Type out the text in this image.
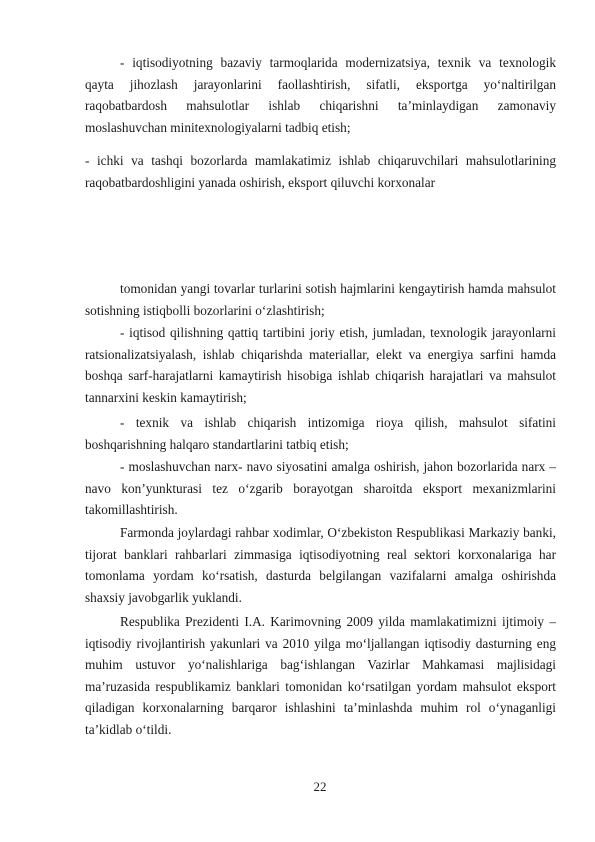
- iqtisodiyotning bazaviy tarmoqlarida modernizatsiya, texnik va texnologik qayta jihozlash jarayonlarini faollashtirish, sifatli, eksportga yo‘naltirilgan raqobatbardosh mahsulotlar ishlab chiqarishni ta’minlaydigan zamonaviy moslashuvchan minitexnologiyalarni tadbiq etish;

- ichki va tashqi bozorlarda mamlakatimiz ishlab chiqaruvchilari mahsulotlarining raqobatbardoshligini yanada oshirish, eksport qiluvchi korxonalar

tomonidan yangi tovarlar turlarini sotish hajmlarini kengaytirish hamda mahsulot sotishning istiqbolli bozorlarini o‘zlashtirish;

- iqtisod qilishning qattiq tartibini joriy etish, jumladan, texnologik jarayonlarni ratsionalizatsiyalash, ishlab chiqarishda materiallar, elekt va energiya sarfini hamda boshqa sarf-harajatlarni kamaytirish hisobiga ishlab chiqarish harajatlari va mahsulot tannarxini keskin kamaytirish;

- texnik va ishlab chiqarish intizomiga rioya qilish, mahsulot sifatini boshqarishning halqaro standartlarini tatbiq etish;

- moslashuvchan narx- navo siyosatini amalga oshirish, jahon bozorlarida narx – navo kon’yunkturasi tez o‘zgarib borayotgan sharoitda eksport mexanizmlarini takomillashtirish.

Farmonda joylardagi rahbar xodimlar, O‘zbekiston Respublikasi Markaziy banki, tijorat banklari rahbarlari zimmasiga iqtisodiyotning real sektori korxonalariga har tomonlama yordam ko‘rsatish, dasturda belgilangan vazifalarni amalga oshirishda shaxsiy javobgarlik yuklandi.

Respublika Prezidenti I.A. Karimovning 2009 yilda mamlakatimizni ijtimoiy – iqtisodiy rivojlantirish yakunlari va 2010 yilga mo‘ljallangan iqtisodiy dasturning eng muhim ustuvor yo‘nalishlariga bag‘ishlangan Vazirlar Mahkamasi majlisidagi ma’ruzasida respublikamiz banklari tomonidan ko‘rsatilgan yordam mahsulot eksport qiladigan korxonalarning barqaror ishlashini ta’minlashda muhim rol o‘ynaganligi ta’kidlab o‘tildi.

22
